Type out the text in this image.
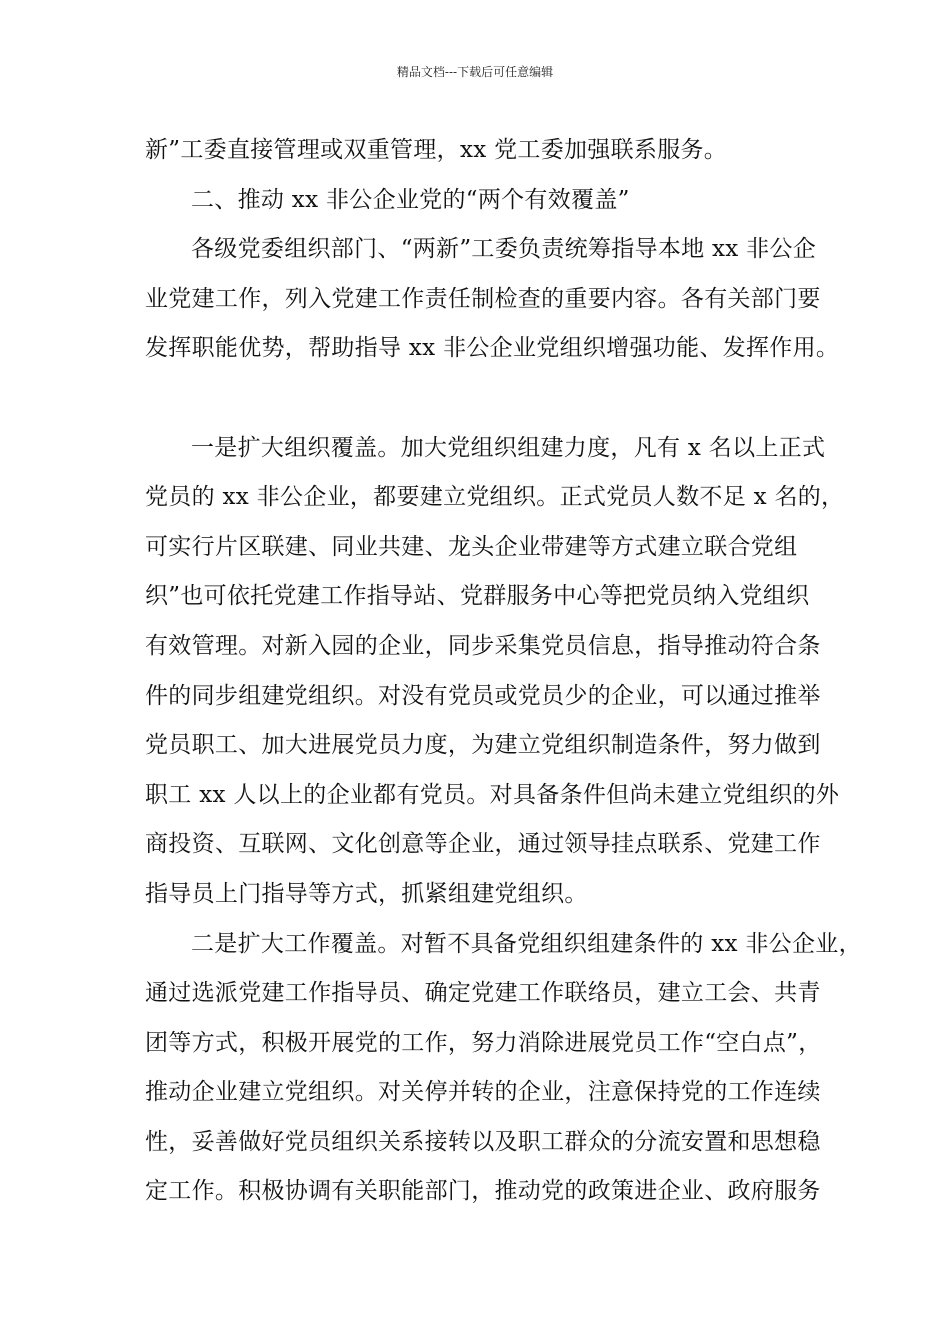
精品文档---下载后可任意编辑
新”工委直接管理或双重管理，xx 党工委加强联系服务。
二、推动 xx 非公企业党的“两个有效覆盖”
各级党委组织部门、“两新”工委负责统筹指导本地 xx 非公企
业党建工作，列入党建工作责任制检查的重要内容。各有关部门要
发挥职能优势，帮助指导 xx 非公企业党组织增强功能、发挥作用。
一是扩大组织覆盖。加大党组织组建力度，凡有 x 名以上正式
党员的 xx 非公企业，都要建立党组织。正式党员人数不足 x 名的，
可实行片区联建、同业共建、龙头企业带建等方式建立联合党组
织”也可依托党建工作指导站、党群服务中心等把党员纳入党组织
有效管理。对新入园的企业，同步采集党员信息，指导推动符合条
件的同步组建党组织。对没有党员或党员少的企业，可以通过推举
党员职工、加大进展党员力度，为建立党组织制造条件，努力做到
职工 xx 人以上的企业都有党员。对具备条件但尚未建立党组织的外
商投资、互联网、文化创意等企业，通过领导挂点联系、党建工作
指导员上门指导等方式，抓紧组建党组织。
二是扩大工作覆盖。对暂不具备党组织组建条件的 xx 非公企业，
通过选派党建工作指导员、确定党建工作联络员，建立工会、共青
团等方式，积极开展党的工作，努力消除进展党员工作“空白点”，
推动企业建立党组织。对关停并转的企业，注意保持党的工作连续
性，妥善做好党员组织关系接转以及职工群众的分流安置和思想稳
定工作。积极协调有关职能部门，推动党的政策进企业、政府服务
